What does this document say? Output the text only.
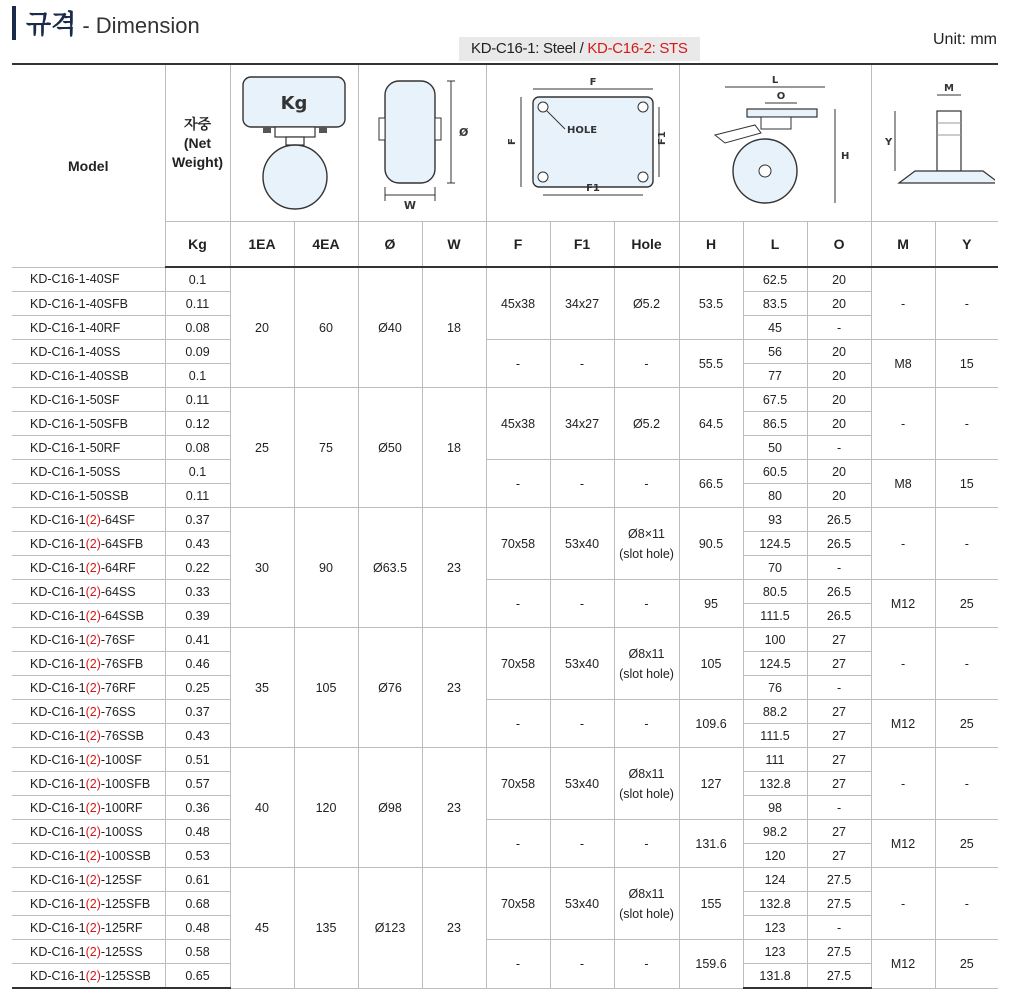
규격 - Dimension
KD-C16-1: Steel / KD-C16-2: STS
Unit: mm
Model	자중
(Net
Weight)	Kg		Ø
W		F
HOLE
F F1
F1			L
O
H			M
Y	

	Kg	1EA	4EA	Ø	W	F	F1	Hole	H	L	O	M	Y
KD-C16-1-40SF	0.1	20	60	Ø40	18	45x38	34x27	Ø5.2	53.5	62.5	20	-	-
KD-C16-1-40SFB	0.11									83.5	20		
KD-C16-1-40RF	0.08									45	-		
KD-C16-1-40SS	0.09					-	-	-	55.5	56	20	M8	15
KD-C16-1-40SSB	0.1									77	20		
KD-C16-1-50SF	0.11	25	75	Ø50	18	45x38	34x27	Ø5.2	64.5	67.5	20	-	-
KD-C16-1-50SFB	0.12									86.5	20		
KD-C16-1-50RF	0.08									50	-		
KD-C16-1-50SS	0.1					-	-	-	66.5	60.5	20	M8	15
KD-C16-1-50SSB	0.11									80	20		
KD-C16-1(2)-64SF	0.37	30	90	Ø63.5	23	70x58	53x40	Ø8×11
(slot hole)	90.5	93	26.5	-	-
KD-C16-1(2)-64SFB	0.43									124.5	26.5		
KD-C16-1(2)-64RF	0.22									70	-		
KD-C16-1(2)-64SS	0.33					-	-	-	95	80.5	26.5	M12	25
KD-C16-1(2)-64SSB	0.39									111.5	26.5		
KD-C16-1(2)-76SF	0.41	35	105	Ø76	23	70x58	53x40	Ø8x11
(slot hole)	105	100	27	-	-
KD-C16-1(2)-76SFB	0.46									124.5	27		
KD-C16-1(2)-76RF	0.25									76	-		
KD-C16-1(2)-76SS	0.37					-	-	-	109.6	88.2	27	M12	25
KD-C16-1(2)-76SSB	0.43									111.5	27		
KD-C16-1(2)-100SF	0.51	40	120	Ø98	23	70x58	53x40	Ø8x11
(slot hole)	127	111	27	-	-
KD-C16-1(2)-100SFB	0.57									132.8	27		
KD-C16-1(2)-100RF	0.36									98	-		
KD-C16-1(2)-100SS	0.48					-	-	-	131.6	98.2	27	M12	25
KD-C16-1(2)-100SSB	0.53									120	27		
KD-C16-1(2)-125SF	0.61	45	135	Ø123	23	70x58	53x40	Ø8x11
(slot hole)	155	124	27.5	-	-
KD-C16-1(2)-125SFB	0.68									132.8	27.5		
KD-C16-1(2)-125RF	0.48									123	-		
KD-C16-1(2)-125SS	0.58					-	-	-	159.6	123	27.5	M12	25
KD-C16-1(2)-125SSB	0.65									131.8	27.5		
